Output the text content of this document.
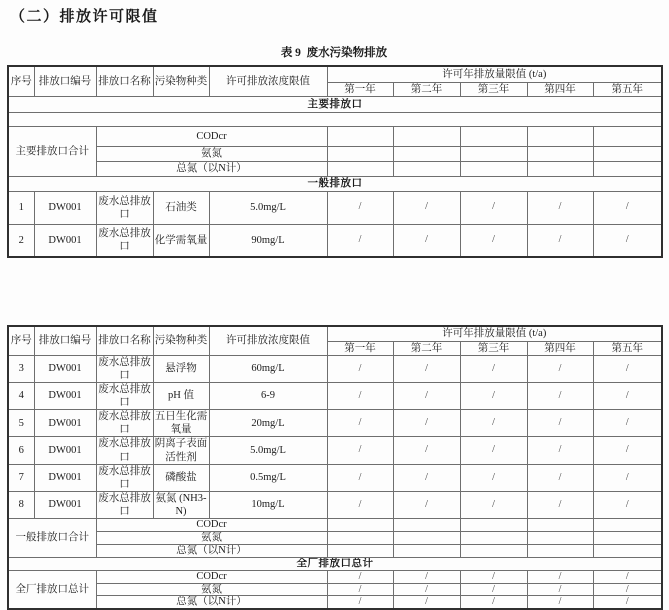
（二）排放许可限值
表 9  废水污染物排放
序号	排放口编号	排放口名称	污染物种类	许可排放浓度限值	许可年排放量限值 (t/a)				
					第一年	第二年	第三年	第四年	第五年
主要排放口									

主要排放口合计		CODcr							
		氨氮							
		总氮（以N计）							
一般排放口									
1	DW001	废水总排放口	石油类	5.0mg/L	/	/	/	/	/
2	DW001	废水总排放口	化学需氧量	90mg/L	/	/	/	/	/
序号	排放口编号	排放口名称	污染物种类	许可排放浓度限值	许可年排放量限值 (t/a)				
					第一年	第二年	第三年	第四年	第五年
3	DW001	废水总排放口	悬浮物	60mg/L	/	/	/	/	/
4	DW001	废水总排放口	pH 值	6-9	/	/	/	/	/
5	DW001	废水总排放口	五日生化需氧量	20mg/L	/	/	/	/	/
6	DW001	废水总排放口	阴离子表面活性剂	5.0mg/L	/	/	/	/	/
7	DW001	废水总排放口	磷酸盐	0.5mg/L	/	/	/	/	/
8	DW001	废水总排放口	氨氮 (NH3-N)	10mg/L	/	/	/	/	/
一般排放口合计		CODcr							
		氨氮							
		总氮（以N计）							
全厂排放口总计									
全厂排放口总计		CODcr			/	/	/	/	/
		氨氮			/	/	/	/	/
		总氮（以N计）			/	/	/	/	/
